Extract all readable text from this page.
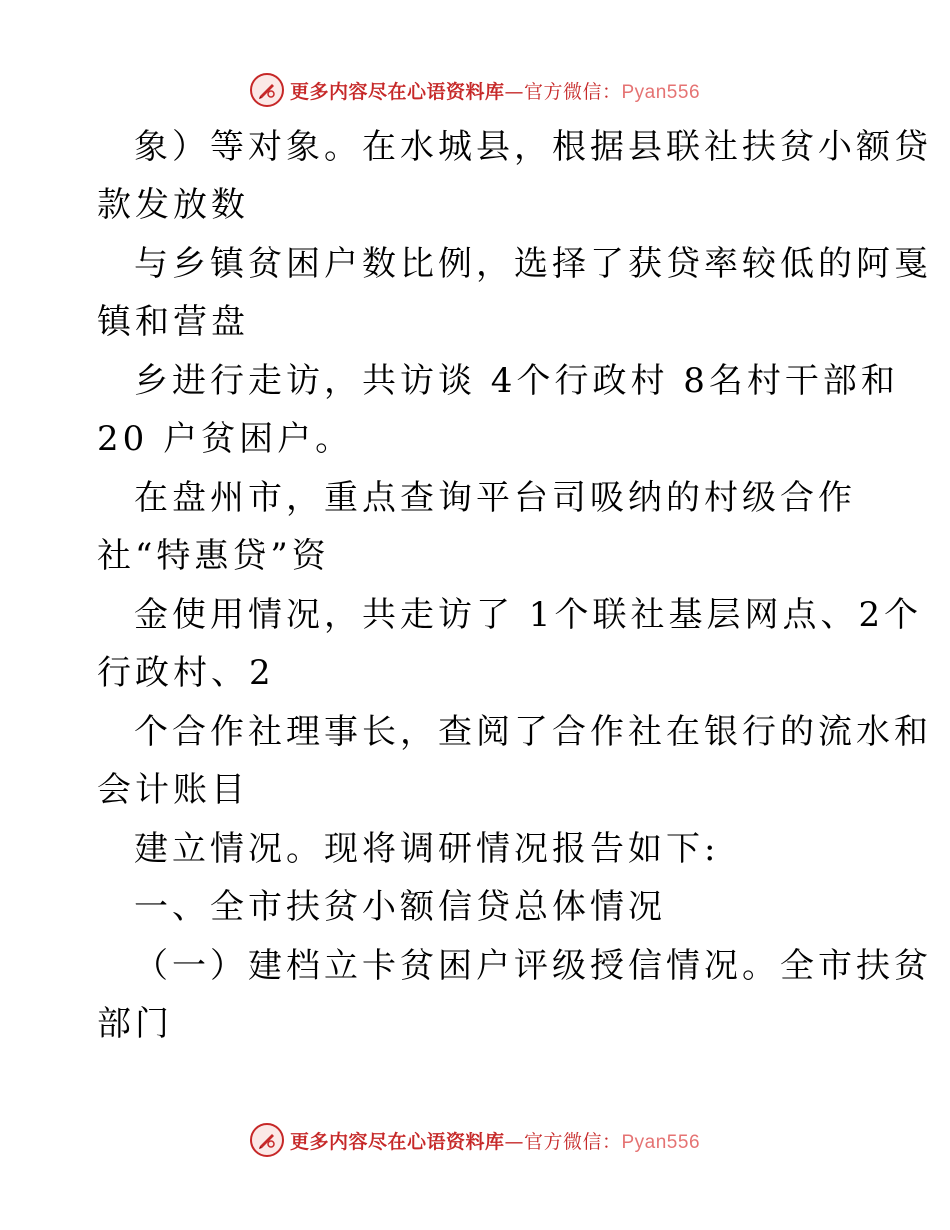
更多内容尽在心语资料库—官方微信：Pyan556
象）等对象。在水城县，根据县联社扶贫小额贷
款发放数
与乡镇贫困户数比例，选择了获贷率较低的阿戛
镇和营盘
乡进行走访，共访谈 4个行政村 8名村干部和
20 户贫困户。
在盘州市，重点查询平台司吸纳的村级合作
社“特惠贷”资
金使用情况，共走访了 1个联社基层网点、2个
行政村、2
个合作社理事长，查阅了合作社在银行的流水和
会计账目
建立情况。现将调研情况报告如下:
一、全市扶贫小额信贷总体情况
（一）建档立卡贫困户评级授信情况。全市扶贫
部门
更多内容尽在心语资料库—官方微信：Pyan556
